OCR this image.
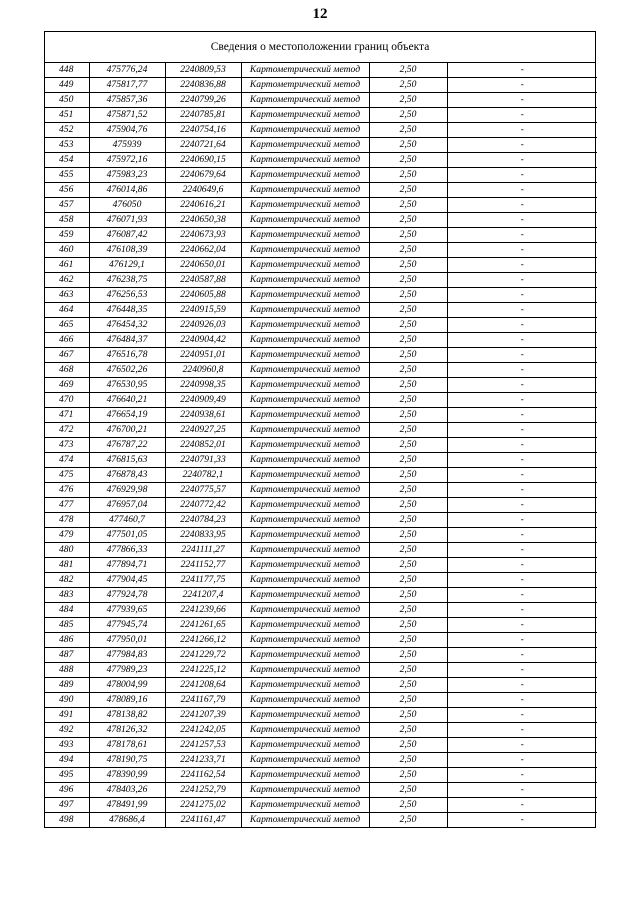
12
Сведения о местоположении границ объекта
448	475776,24	2240809,53	Картометрический метод	2,50	-
449	475817,77	2240836,88	Картометрический метод	2,50	-
450	475857,36	2240799,26	Картометрический метод	2,50	-
451	475871,52	2240785,81	Картометрический метод	2,50	-
452	475904,76	2240754,16	Картометрический метод	2,50	-
453	475939	2240721,64	Картометрический метод	2,50	-
454	475972,16	2240690,15	Картометрический метод	2,50	-
455	475983,23	2240679,64	Картометрический метод	2,50	-
456	476014,86	2240649,6	Картометрический метод	2,50	-
457	476050	2240616,21	Картометрический метод	2,50	-
458	476071,93	2240650,38	Картометрический метод	2,50	-
459	476087,42	2240673,93	Картометрический метод	2,50	-
460	476108,39	2240662,04	Картометрический метод	2,50	-
461	476129,1	2240650,01	Картометрический метод	2,50	-
462	476238,75	2240587,88	Картометрический метод	2,50	-
463	476256,53	2240605,88	Картометрический метод	2,50	-
464	476448,35	2240915,59	Картометрический метод	2,50	-
465	476454,32	2240926,03	Картометрический метод	2,50	-
466	476484,37	2240904,42	Картометрический метод	2,50	-
467	476516,78	2240951,01	Картометрический метод	2,50	-
468	476502,26	2240960,8	Картометрический метод	2,50	-
469	476530,95	2240998,35	Картометрический метод	2,50	-
470	476640,21	2240909,49	Картометрический метод	2,50	-
471	476654,19	2240938,61	Картометрический метод	2,50	-
472	476700,21	2240927,25	Картометрический метод	2,50	-
473	476787,22	2240852,01	Картометрический метод	2,50	-
474	476815,63	2240791,33	Картометрический метод	2,50	-
475	476878,43	2240782,1	Картометрический метод	2,50	-
476	476929,98	2240775,57	Картометрический метод	2,50	-
477	476957,04	2240772,42	Картометрический метод	2,50	-
478	477460,7	2240784,23	Картометрический метод	2,50	-
479	477501,05	2240833,95	Картометрический метод	2,50	-
480	477866,33	2241111,27	Картометрический метод	2,50	-
481	477894,71	2241152,77	Картометрический метод	2,50	-
482	477904,45	2241177,75	Картометрический метод	2,50	-
483	477924,78	2241207,4	Картометрический метод	2,50	-
484	477939,65	2241239,66	Картометрический метод	2,50	-
485	477945,74	2241261,65	Картометрический метод	2,50	-
486	477950,01	2241266,12	Картометрический метод	2,50	-
487	477984,83	2241229,72	Картометрический метод	2,50	-
488	477989,23	2241225,12	Картометрический метод	2,50	-
489	478004,99	2241208,64	Картометрический метод	2,50	-
490	478089,16	2241167,79	Картометрический метод	2,50	-
491	478138,82	2241207,39	Картометрический метод	2,50	-
492	478126,32	2241242,05	Картометрический метод	2,50	-
493	478178,61	2241257,53	Картометрический метод	2,50	-
494	478190,75	2241233,71	Картометрический метод	2,50	-
495	478390,99	2241162,54	Картометрический метод	2,50	-
496	478403,26	2241252,79	Картометрический метод	2,50	-
497	478491,99	2241275,02	Картометрический метод	2,50	-
498	478686,4	2241161,47	Картометрический метод	2,50	-
